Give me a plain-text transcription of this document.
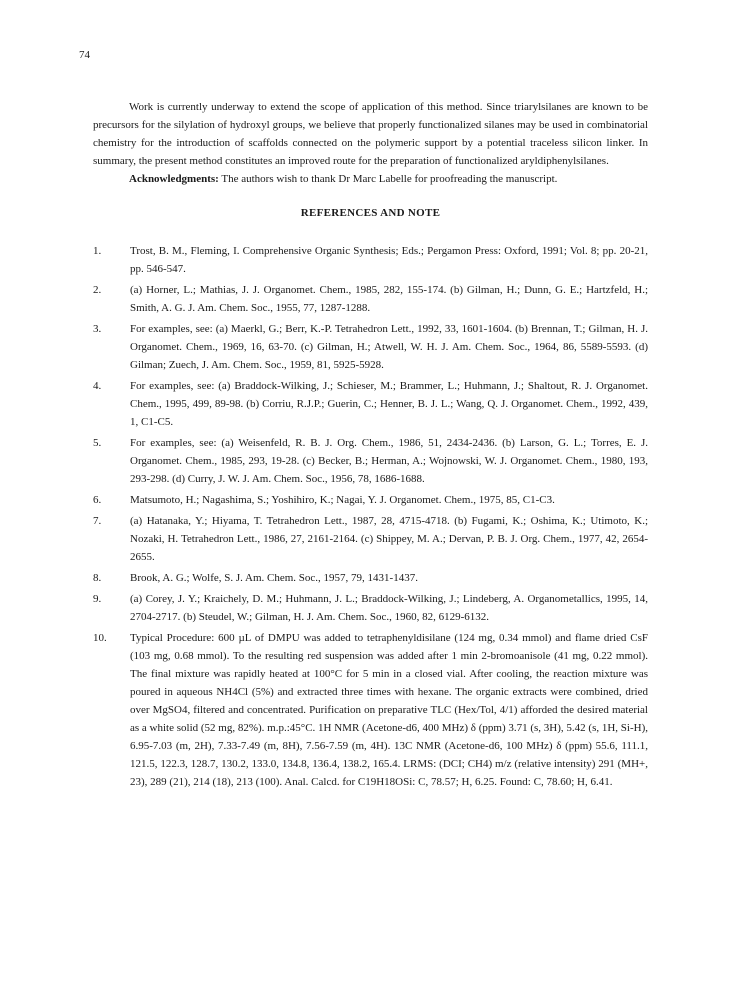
74

Work is currently underway to extend the scope of application of this method. Since triarylsilanes are known to be precursors for the silylation of hydroxyl groups, we believe that properly functionalized silanes may be used in combinatorial chemistry for the introduction of scaffolds connected on the polymeric support by a potential traceless silicon linker. In summary, the present method constitutes an improved route for the preparation of functionalized aryldiphenylsilanes.

Acknowledgments: The authors wish to thank Dr Marc Labelle for proofreading the manuscript.

REFERENCES AND NOTE
1.	Trost, B. M., Fleming, I. Comprehensive Organic Synthesis; Eds.; Pergamon Press: Oxford, 1991; Vol. 8; pp. 20-21, pp. 546-547.
2.	(a) Horner, L.; Mathias, J. J. Organomet. Chem., 1985, 282, 155-174. (b) Gilman, H.; Dunn, G. E.; Hartzfeld, H.; Smith, A. G. J. Am. Chem. Soc., 1955, 77, 1287-1288.
3.	For examples, see: (a) Maerkl, G.; Berr, K.-P. Tetrahedron Lett., 1992, 33, 1601-1604. (b) Brennan, T.; Gilman, H. J. Organomet. Chem., 1969, 16, 63-70. (c) Gilman, H.; Atwell, W. H. J. Am. Chem. Soc., 1964, 86, 5589-5593. (d) Gilman; Zuech, J. Am. Chem. Soc., 1959, 81, 5925-5928.
4.	For examples, see: (a) Braddock-Wilking, J.; Schieser, M.; Brammer, L.; Huhmann, J.; Shaltout, R. J. Organomet. Chem., 1995, 499, 89-98. (b) Corriu, R.J.P.; Guerin, C.; Henner, B. J. L.; Wang, Q. J. Organomet. Chem., 1992, 439, 1, C1-C5.
5.	For examples, see: (a) Weisenfeld, R. B. J. Org. Chem., 1986, 51, 2434-2436. (b) Larson, G. L.; Torres, E. J. Organomet. Chem., 1985, 293, 19-28. (c) Becker, B.; Herman, A.; Wojnowski, W. J. Organomet. Chem., 1980, 193, 293-298. (d) Curry, J. W. J. Am. Chem. Soc., 1956, 78, 1686-1688.
6.	Matsumoto, H.; Nagashima, S.; Yoshihiro, K.; Nagai, Y. J. Organomet. Chem., 1975, 85, C1-C3.
7.	(a) Hatanaka, Y.; Hiyama, T. Tetrahedron Lett., 1987, 28, 4715-4718. (b) Fugami, K.; Oshima, K.; Utimoto, K.; Nozaki, H. Tetrahedron Lett., 1986, 27, 2161-2164. (c) Shippey, M. A.; Dervan, P. B. J. Org. Chem., 1977, 42, 2654-2655.
8.	Brook, A. G.; Wolfe, S. J. Am. Chem. Soc., 1957, 79, 1431-1437.
9.	(a) Corey, J. Y.; Kraichely, D. M.; Huhmann, J. L.; Braddock-Wilking, J.; Lindeberg, A. Organometallics, 1995, 14, 2704-2717. (b) Steudel, W.; Gilman, H. J. Am. Chem. Soc., 1960, 82, 6129-6132.
10. Typical Procedure: 600 µL of DMPU was added to tetraphenyldisilane (124 mg, 0.34 mmol) and flame dried CsF (103 mg, 0.68 mmol). To the resulting red suspension was added after 1 min 2-bromoanisole (41 mg, 0.22 mmol). The final mixture was rapidly heated at 100°C for 5 min in a closed vial. After cooling, the reaction mixture was poured in aqueous NH4Cl (5%) and extracted three times with hexane. The organic extracts were combined, dried over MgSO4, filtered and concentrated. Purification on preparative TLC (Hex/Tol, 4/1) afforded the desired material as a white solid (52 mg, 82%). m.p.:45°C. 1H NMR (Acetone-d6, 400 MHz) δ (ppm) 3.71 (s, 3H), 5.42 (s, 1H, Si-H), 6.95-7.03 (m, 2H), 7.33-7.49 (m, 8H), 7.56-7.59 (m, 4H). 13C NMR (Acetone-d6, 100 MHz) δ (ppm) 55.6, 111.1, 121.5, 122.3, 128.7, 130.2, 133.0, 134.8, 136.4, 138.2, 165.4. LRMS: (DCI; CH4) m/z (relative intensity) 291 (MH+, 23), 289 (21), 214 (18), 213 (100). Anal. Calcd. for C19H18OSi: C, 78.57; H, 6.25. Found: C, 78.60; H, 6.41.
